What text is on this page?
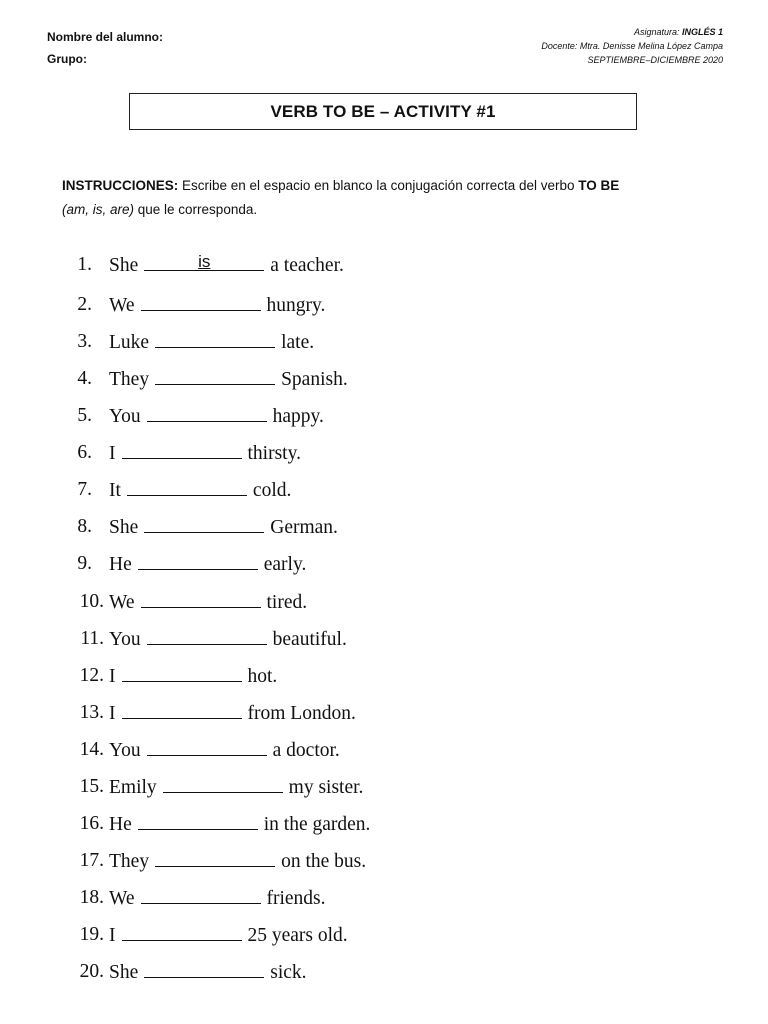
Nombre del alumno:
Grupo:
Asignatura: INGLÉS 1
Docente: Mtra. Denisse Melina López Campa
SEPTIEMBRE–DICIEMBRE 2020
VERB TO BE – ACTIVITY #1
INSTRUCCIONES: Escribe en el espacio en blanco la conjugación correcta del verbo TO BE
(am, is, are) que le corresponda.
1. She	is	a teacher.
2. We	hungry.
3. Luke	late.
4. They	Spanish.
5. You	happy.
6. I	thirsty.
7. It	cold.
8. She	German.
9. He	early.
10. We	tired.
11. You	beautiful.
12. I	hot.
13. I	from London.
14. You	a doctor.
15. Emily	my sister.
16. He	in the garden.
17. They	on the bus.
18. We	friends.
19. I	25 years old.
20. She	sick.
